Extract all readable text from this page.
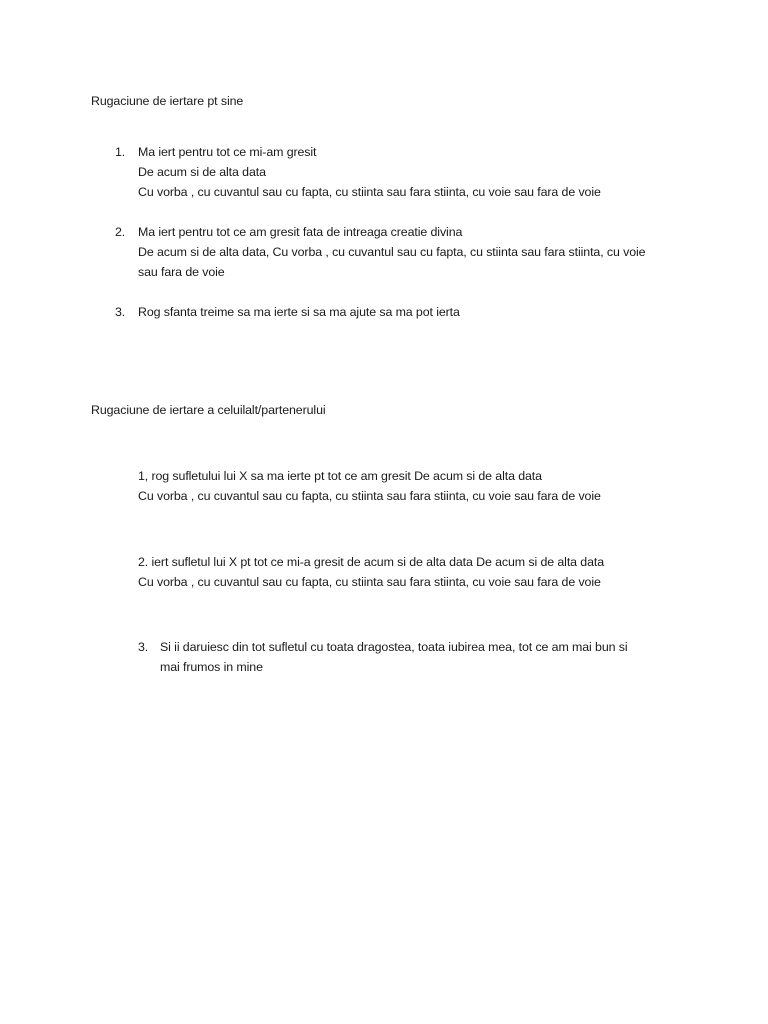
Rugaciune de iertare pt sine
1. Ma iert pentru tot ce mi-am gresit
De acum si de alta data
Cu vorba , cu cuvantul sau cu fapta, cu stiinta sau fara stiinta, cu voie sau fara de voie
2. Ma iert pentru tot ce am gresit fata de intreaga creatie divina
De acum si de alta data, Cu vorba , cu cuvantul sau cu fapta, cu stiinta sau fara stiinta, cu voie
sau fara de voie
3. Rog sfanta treime sa ma ierte si sa ma ajute sa ma pot ierta
Rugaciune de iertare a celuilalt/partenerului
1, rog sufletului lui X sa ma ierte pt tot ce am gresit De acum si de alta data
Cu vorba , cu cuvantul sau cu fapta, cu stiinta sau fara stiinta, cu voie sau fara de voie
2. iert sufletul lui X pt tot ce mi-a gresit de acum si de alta data De acum si de alta data
Cu vorba , cu cuvantul sau cu fapta, cu stiinta sau fara stiinta, cu voie sau fara de voie
3. Si ii daruiesc din tot sufletul cu toata dragostea, toata iubirea mea, tot ce am mai bun si
mai frumos in mine
